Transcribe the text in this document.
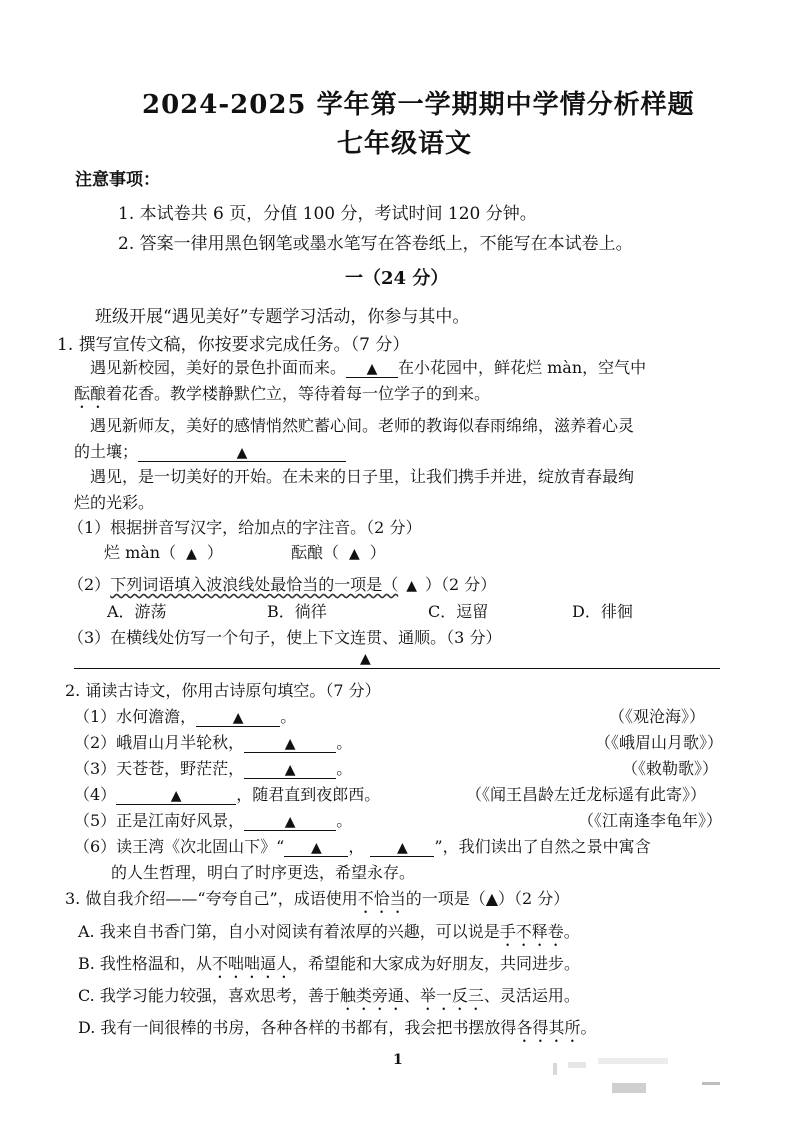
2024-2025 学年第一学期期中学情分析样题
七年级语文
注意事项：
1. 本试卷共 6 页，分值 100 分，考试时间 120 分钟。
2. 答案一律用黑色钢笔或墨水笔写在答卷纸上，不能写在本试卷上。
一（24 分）
班级开展“遇见美好”专题学习活动，你参与其中。
1. 撰写宣传文稿，你按要求完成任务。（7 分）
遇见新校园，美好的景色扑面而来。 ▲ 在小花园中，鲜花烂 màn，空气中
酝酿着花香。教学楼静默伫立，等待着每一位学子的到来。
遇见新师友，美好的感情悄然贮蓄心间。老师的教诲似春雨绵绵，滋养着心灵
的土壤；	▲
遇见，是一切美好的开始。在未来的日子里，让我们携手并进，绽放青春最绚
烂的光彩。
（1）根据拼音写汉字，给加点的字注音。（2 分）
烂 màn（ ▲ ）	酝酿（ ▲ ）
（2）下列词语填入波浪线处最恰当的一项是（ ▲ ）（2 分）
A．游荡	B．徜徉	C．逗留	D．徘徊
（3）在横线处仿写一个句子，使上下文连贯、通顺。（3 分）
▲
2. 诵读古诗文，你用古诗原句填空。（7 分）
（1）水何澹澹，	▲ 。	（《观沧海》）
（2）峨眉山月半轮秋，	▲	。	（《峨眉山月歌》）
（3）天苍苍，野茫茫，	▲	。	（《敕勒歌》）
（4）	▲	，随君直到夜郎西。	（《闻王昌龄左迁龙标遥有此寄》）
（5）正是江南好风景，	▲	。	（《江南逢李龟年》）
（6）读王湾《次北固山下》“ ▲ ， ▲ ”，我们读出了自然之景中寓含
的人生哲理，明白了时序更迭，希望永存。
3. 做自我介绍——“夸夸自己”，成语使用不恰当的一项是（▲）（2 分）
A. 我来自书香门第，自小对阅读有着浓厚的兴趣，可以说是手不释卷。
B. 我性格温和，从不咄咄逼人，希望能和大家成为好朋友，共同进步。
C. 我学习能力较强，喜欢思考，善于触类旁通、举一反三、灵活运用。
D. 我有一间很棒的书房，各种各样的书都有，我会把书摆放得各得其所。
1
